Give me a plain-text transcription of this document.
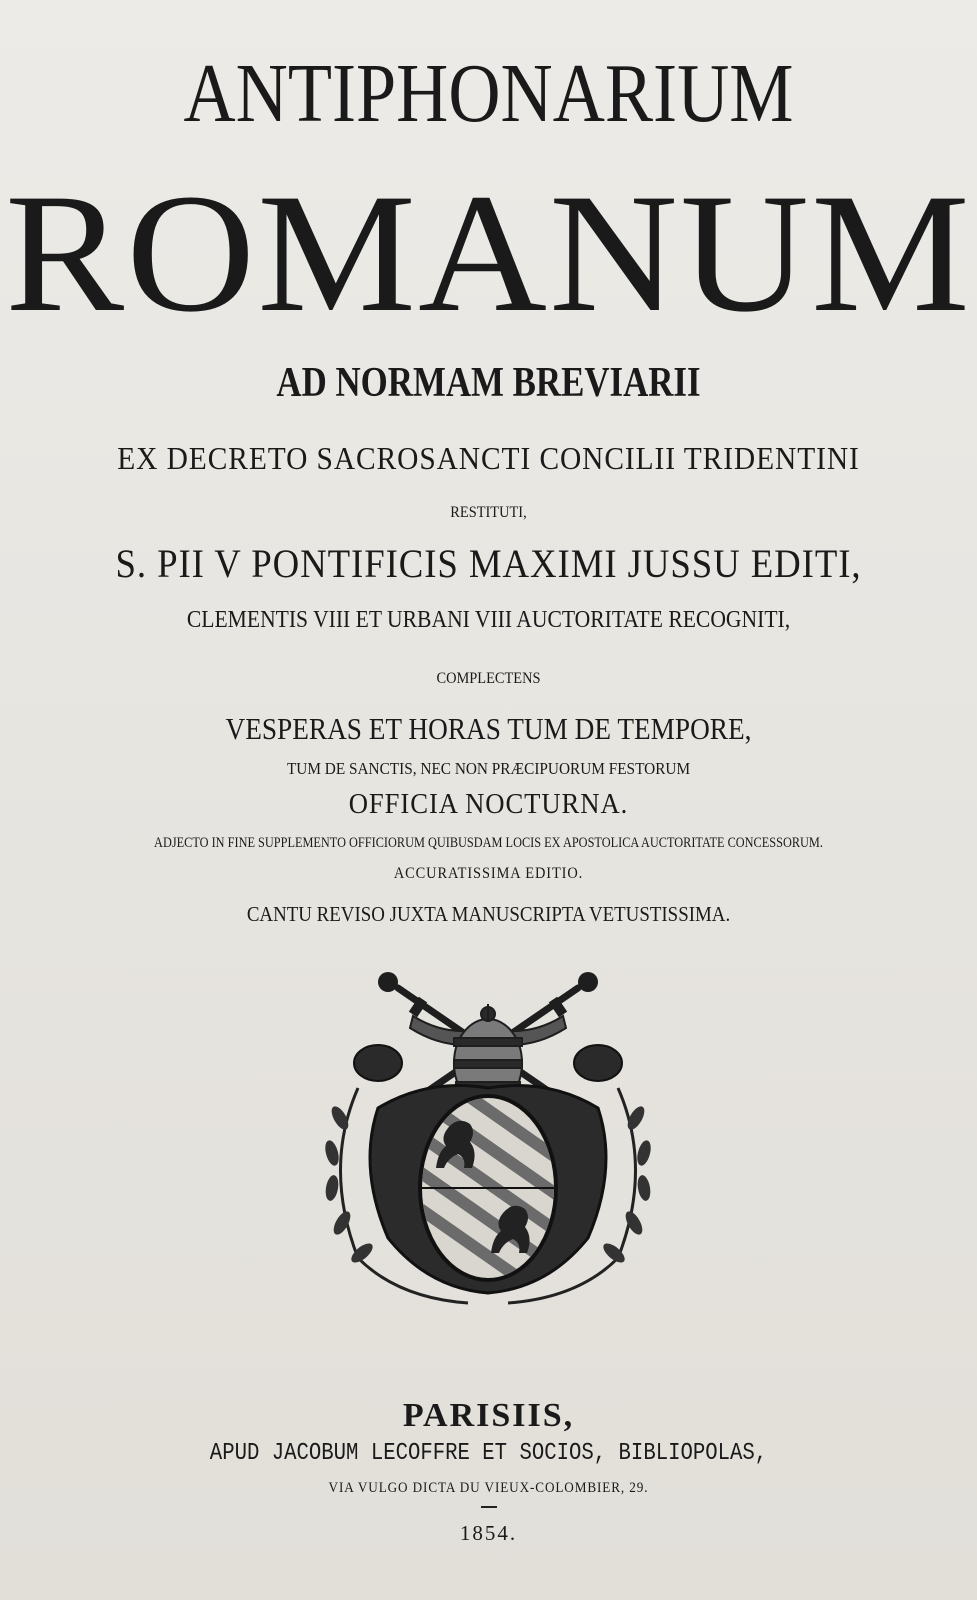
ANTIPHONARIUM
ROMANUM
AD NORMAM BREVIARII
EX DECRETO SACROSANCTI CONCILII TRIDENTINI
RESTITUTI,
S. PII V PONTIFICIS MAXIMI JUSSU EDITI,
CLEMENTIS VIII ET URBANI VIII AUCTORITATE RECOGNITI,
COMPLECTENS
VESPERAS ET HORAS TUM DE TEMPORE,
TUM DE SANCTIS, NEC NON PRÆCIPUORUM FESTORUM
OFFICIA NOCTURNA.
ADJECTO IN FINE SUPPLEMENTO OFFICIORUM QUIBUSDAM LOCIS EX APOSTOLICA AUCTORITATE CONCESSORUM.
ACCURATISSIMA EDITIO.
CANTU REVISO JUXTA MANUSCRIPTA VETUSTISSIMA.
PARISIIS,
APUD JACOBUM LECOFFRE ET SOCIOS, BIBLIOPOLAS,
VIA VULGO DICTA DU VIEUX-COLOMBIER, 29.
1854.
